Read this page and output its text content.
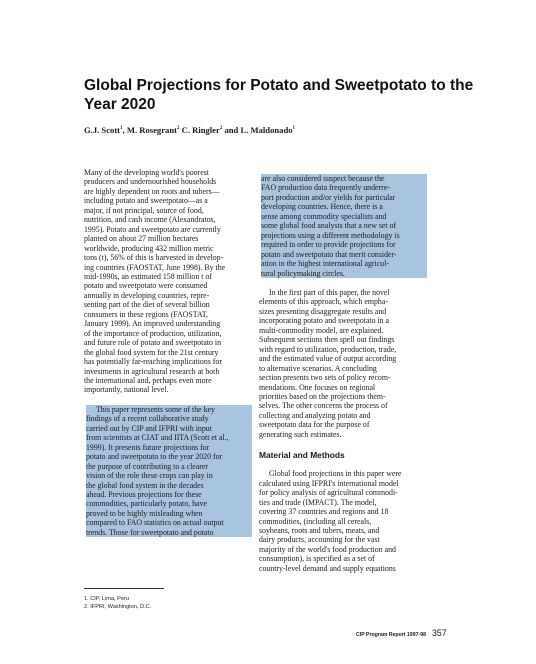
Global Projections for Potato and Sweetpotato to the
Year 2020

G.J. Scott$^1$, M. Rosegrant$^2$ C. Ringler$^2$ and L. Maldonado$^1$

Many of the developing world's poorest
producers and undernourished households
are highly dependent on roots and tubers—
including potato and sweetpotato—as a
major, if not principal, source of food,
nutrition, and cash income (Alexandratos,
1995). Potato and sweetpotato are currently
planted on about 27 million hectares
worldwide, producing 432 million metric
tons (t), 56% of this is harvested in develop-
ing countries (FAOSTAT, June 1998). By the
mid-1990s, an estimated 158 million t of
potato and sweetpotato were consumed
annually in developing countries, repre-
senting part of the diet of several billion
consumers in these regions (FAOSTAT,
January 1999). An improved understanding
of the importance of production, utilization,
and future role of potato and sweetpotato in
the global food system for the 21st century
has potentially far-reaching implications for
investments in agricultural research at both
the international and, perhaps even more
importantly, national level.

This paper represents some of the key
findings of a recent collaborative study
carried out by CIP and IFPRI with input
from scientists at CIAT and IITA (Scott et al.,
1999). It presents future projections for
potato and sweetpotato to the year 2020 for
the purpose of contributing to a clearer
vision of the role these crops can play in
the global food system in the decades
ahead. Previous projections for these
commodities, particularly potato, have
proved to be highly misleading when
compared to FAO statistics on actual output
trends. Those for sweetpotato and potato

are also considered suspect because the
FAO production data frequently underre-
port production and/or yields for particular
developing countries. Hence, there is a
sense among commodity specialists and
some global food analysts that a new set of
projections using a different methodology is
required in order to provide projections for
potato and sweetpotato that merit consider-
ation in the highest international agricul-
tural policymaking circles.

In the first part of this paper, the novel
elements of this approach, which empha-
sizes presenting disaggregate results and
incorporating potato and sweetpotato in a
multi-commodity model, are explained.
Subsequent sections then spell out findings
with regard to utilization, production, trade,
and the estimated value of output according
to alternative scenarios. A concluding
section presents two sets of policy recom-
mendations. One focuses on regional
priorities based on the projections them-
selves. The other concerns the process of
collecting and analyzing potato and
sweetpotato data for the purpose of
generating such estimates.

Material and Methods

Global food projections in this paper were
calculated using IFPRI's international model
for policy analysis of agricultural commodi-
ties and trade (IMPACT). The model,
covering 37 countries and regions and 18
commodities, (including all cereals,
soybeans, roots and tubers, meats, and
dairy products, accounting for the vast
majority of the world's food production and
consumption), is specified as a set of
country-level demand and supply equations

1. CIP, Lima, Peru
2. IFPRI, Washington, D.C.
CIP Program Report 1997-98 357
